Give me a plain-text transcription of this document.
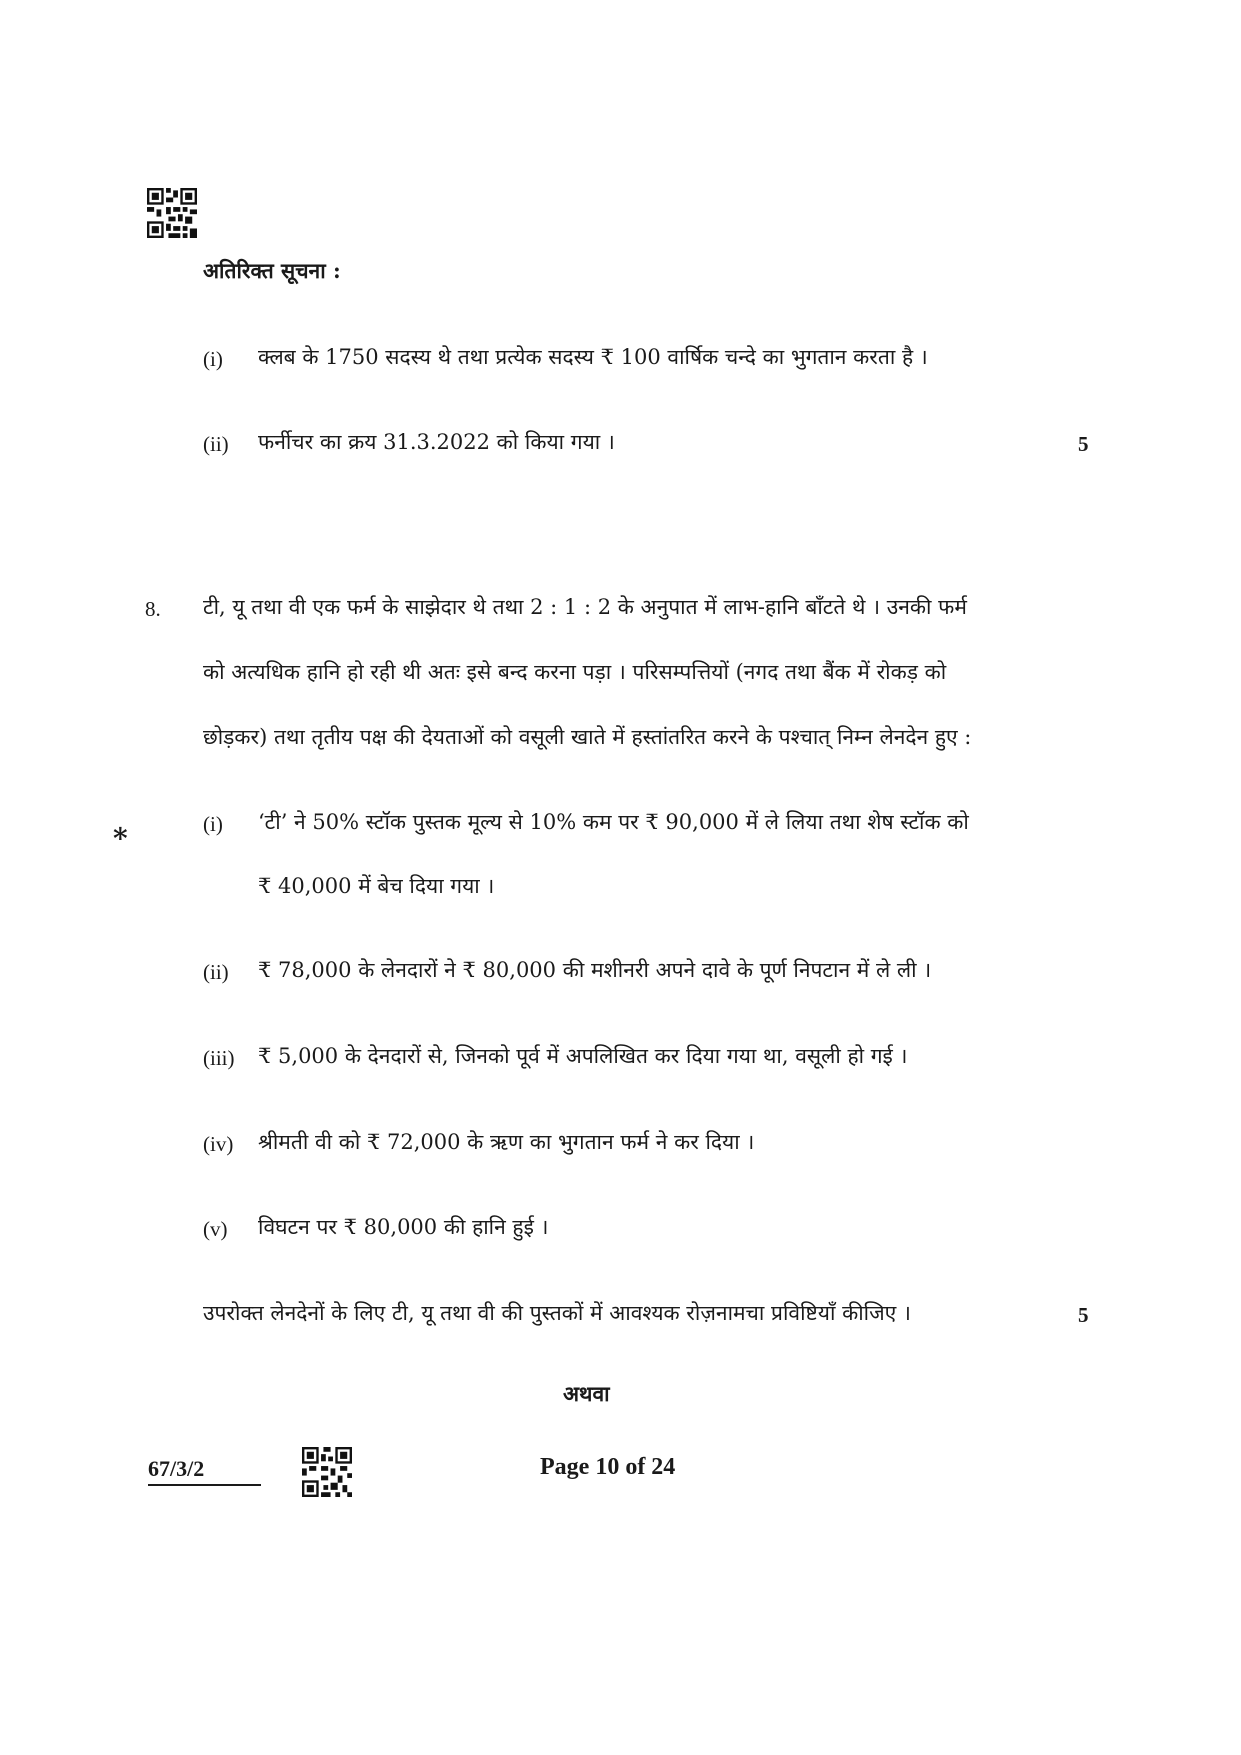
अतिरिक्त सूचना :
(i) क्लब के 1750 सदस्य थे तथा प्रत्येक सदस्य ₹ 100 वार्षिक चन्दे का भुगतान करता है ।
(ii) फर्नीचर का क्रय 31.3.2022 को किया गया ।	5
8. टी, यू तथा वी एक फर्म के साझेदार थे तथा 2 : 1 : 2 के अनुपात में लाभ-हानि बाँटते थे । उनकी फर्म
को अत्यधिक हानि हो रही थी अतः इसे बन्द करना पड़ा । परिसम्पत्तियों (नगद तथा बैंक में रोकड़ को
छोड़कर) तथा तृतीय पक्ष की देयताओं को वसूली खाते में हस्तांतरित करने के पश्चात् निम्न लेनदेन हुए :
*	(i) ‘टी’ ने 50% स्टॉक पुस्तक मूल्य से 10% कम पर ₹ 90,000 में ले लिया तथा शेष स्टॉक को
₹ 40,000 में बेच दिया गया ।
(ii) ₹ 78,000 के लेनदारों ने ₹ 80,000 की मशीनरी अपने दावे के पूर्ण निपटान में ले ली ।
(iii) ₹ 5,000 के देनदारों से, जिनको पूर्व में अपलिखित कर दिया गया था, वसूली हो गई ।
(iv) श्रीमती वी को ₹ 72,000 के ऋण का भुगतान फर्म ने कर दिया ।
(v) विघटन पर ₹ 80,000 की हानि हुई ।
उपरोक्त लेनदेनों के लिए टी, यू तथा वी की पुस्तकों में आवश्यक रोज़नामचा प्रविष्टियाँ कीजिए ।	5
अथवा
67/3/2	Page 10 of 24
